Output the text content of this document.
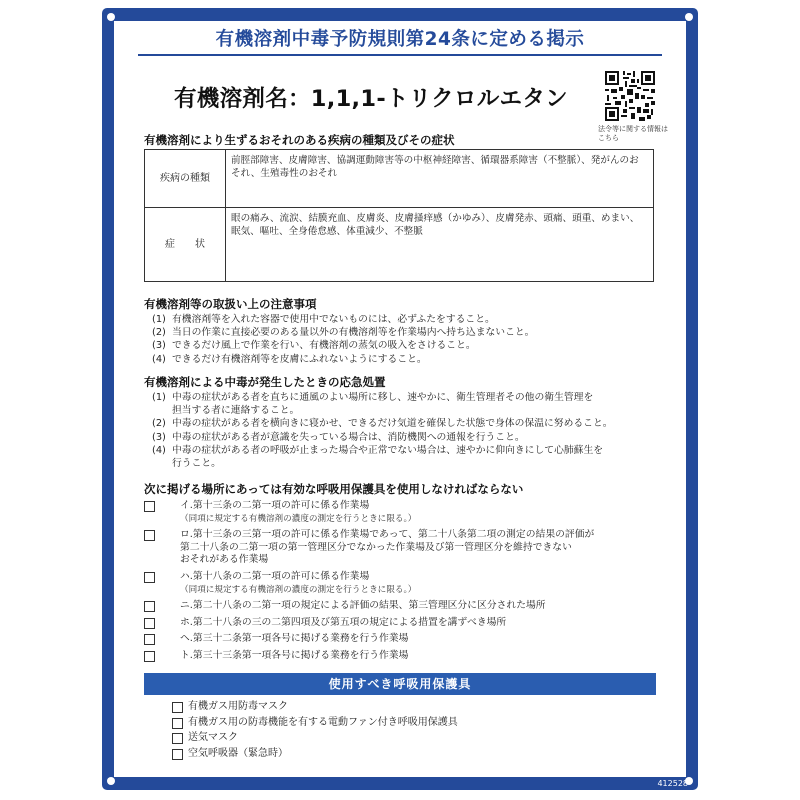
有機溶剤中毒予防規則第24条に定める掲示
有機溶剤名：1,1,1-トリクロルエタン
法令等に関する情報はこちら
有機溶剤により生ずるおそれのある疾病の種類及びその症状
疾病の種類	前脛部障害、皮膚障害、協調運動障害等の中枢神経障害、循環器系障害（不整脈）、発がんのおそれ、生殖毒性のおそれ
症　　状	眼の痛み、流涙、結膜充血、皮膚炎、皮膚掻痒感（かゆみ）、皮膚発赤、頭痛、頭重、めまい、眠気、嘔吐、全身倦怠感、体重減少、不整脈
有機溶剤等の取扱い上の注意事項
(1) 有機溶剤等を入れた容器で使用中でないものには、必ずふたをすること。
(2) 当日の作業に直接必要のある量以外の有機溶剤等を作業場内へ持ち込まないこと。
(3) できるだけ風上で作業を行い、有機溶剤の蒸気の吸入をさけること。
(4) できるだけ有機溶剤等を皮膚にふれないようにすること。
有機溶剤による中毒が発生したときの応急処置
(1) 中毒の症状がある者を直ちに通風のよい場所に移し、速やかに、衛生管理者その他の衛生管理を
担当する者に連絡すること。
(2) 中毒の症状がある者を横向きに寝かせ、できるだけ気道を確保した状態で身体の保温に努めること。
(3) 中毒の症状がある者が意識を失っている場合は、消防機関への通報を行うこと。
(4) 中毒の症状がある者の呼吸が止まった場合や正常でない場合は、速やかに仰向きにして心肺蘇生を
行うこと。
次に掲げる場所にあっては有効な呼吸用保護具を使用しなければならない
イ.第十三条の二第一項の許可に係る作業場
（同項に規定する有機溶剤の濃度の測定を行うときに限る。）
ロ.第十三条の三第一項の許可に係る作業場であって、第二十八条第二項の測定の結果の評価が
第二十八条の二第一項の第一管理区分でなかった作業場及び第一管理区分を維持できない
おそれがある作業場
ハ.第十八条の二第一項の許可に係る作業場
（同項に規定する有機溶剤の濃度の測定を行うときに限る。）
ニ.第二十八条の二第一項の規定による評価の結果、第三管理区分に区分された場所
ホ.第二十八条の三の二第四項及び第五項の規定による措置を講ずべき場所
ヘ.第三十二条第一項各号に掲げる業務を行う作業場
ト.第三十三条第一項各号に掲げる業務を行う作業場
使用すべき呼吸用保護具
有機ガス用防毒マスク
有機ガス用の防毒機能を有する電動ファン付き呼吸用保護具
送気マスク
空気呼吸器（緊急時）
412528
